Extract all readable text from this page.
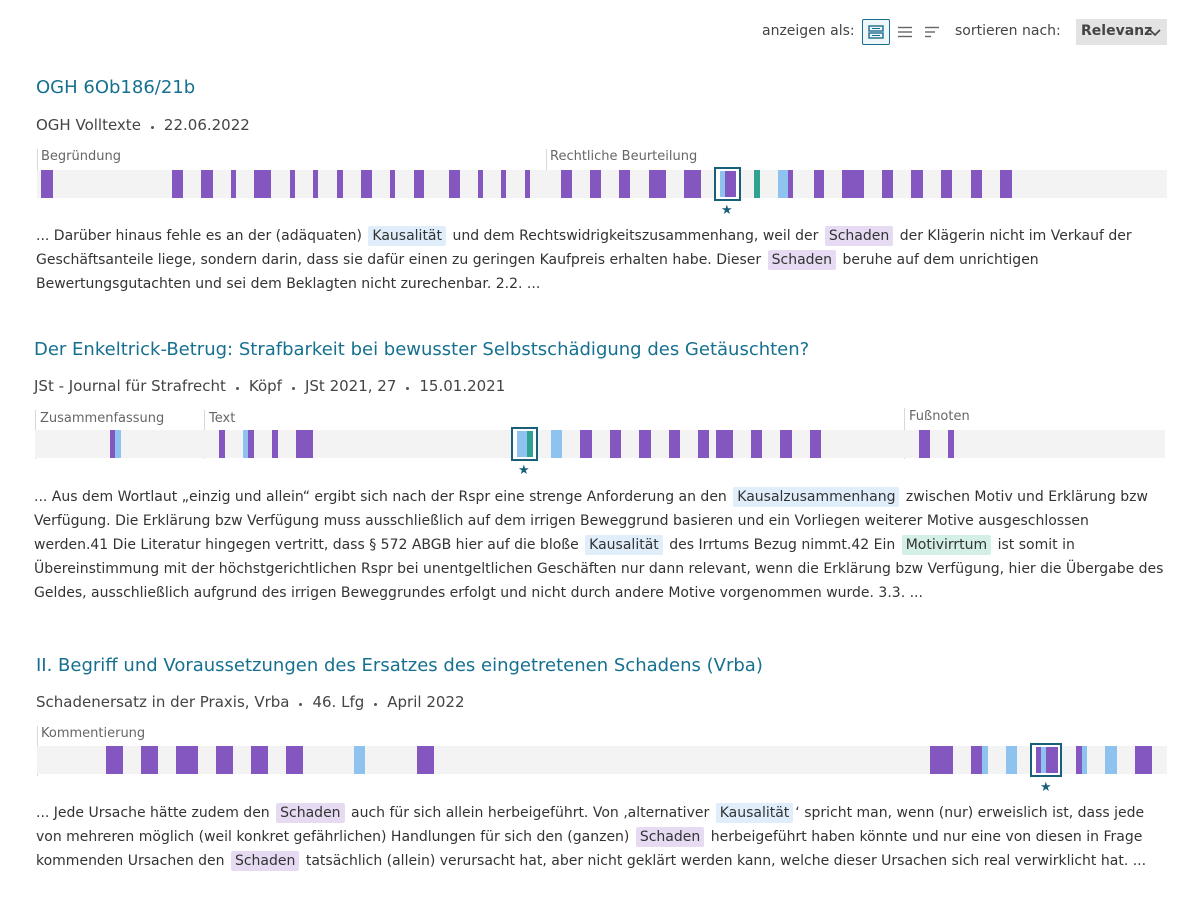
anzeigen als:	sortieren nach:	Relevanz
OGH 6Ob186/21b
OGH Volltexte 22.06.2022
Begründung	Rechtliche Beurteilung
★
... Darüber hinaus fehle es an der (adäquaten) Kausalität und dem Rechtswidrigkeitszusammenhang, weil der Schaden der Klägerin nicht im Verkauf der Geschäftsanteile liege, sondern darin, dass sie dafür einen zu geringen Kaufpreis erhalten habe. Dieser Schaden beruhe auf dem unrichtigen Bewertungsgutachten und sei dem Beklagten nicht zurechenbar. 2.2. ...
Der Enkeltrick-Betrug: Strafbarkeit bei bewusster Selbstschädigung des Getäuschten?
JSt - Journal für Strafrecht Köpf JSt 2021, 27 15.01.2021
Zusammenfassung	Text	Fußnoten
★
... Aus dem Wortlaut „einzig und allein“ ergibt sich nach der Rspr eine strenge Anforderung an den Kausalzusammenhang zwischen Motiv und Erklärung bzw Verfügung. Die Erklärung bzw Verfügung muss ausschließlich auf dem irrigen Beweggrund basieren und ein Vorliegen weiterer Motive ausgeschlossen werden.41 Die Literatur hingegen vertritt, dass § 572 ABGB hier auf die bloße Kausalität des Irrtums Bezug nimmt.42 Ein Motivirrtum ist somit in Übereinstimmung mit der höchstgerichtlichen Rspr bei unentgeltlichen Geschäften nur dann relevant, wenn die Erklärung bzw Verfügung, hier die Übergabe des Geldes, ausschließlich aufgrund des irrigen Beweggrundes erfolgt und nicht durch andere Motive vorgenommen wurde. 3.3. ...
II. Begriff und Voraussetzungen des Ersatzes des eingetretenen Schadens (Vrba)
Schadenersatz in der Praxis, Vrba 46. Lfg April 2022
Kommentierung
★
... Jede Ursache hätte zudem den Schaden auch für sich allein herbeigeführt. Von ‚alternativer Kausalität ‘ spricht man, wenn (nur) erweislich ist, dass jede von mehreren möglich (weil konkret gefährlichen) Handlungen für sich den (ganzen) Schaden herbeigeführt haben könnte und nur eine von diesen in Frage kommenden Ursachen den Schaden tatsächlich (allein) verursacht hat, aber nicht geklärt werden kann, welche dieser Ursachen sich real verwirklicht hat. ...
